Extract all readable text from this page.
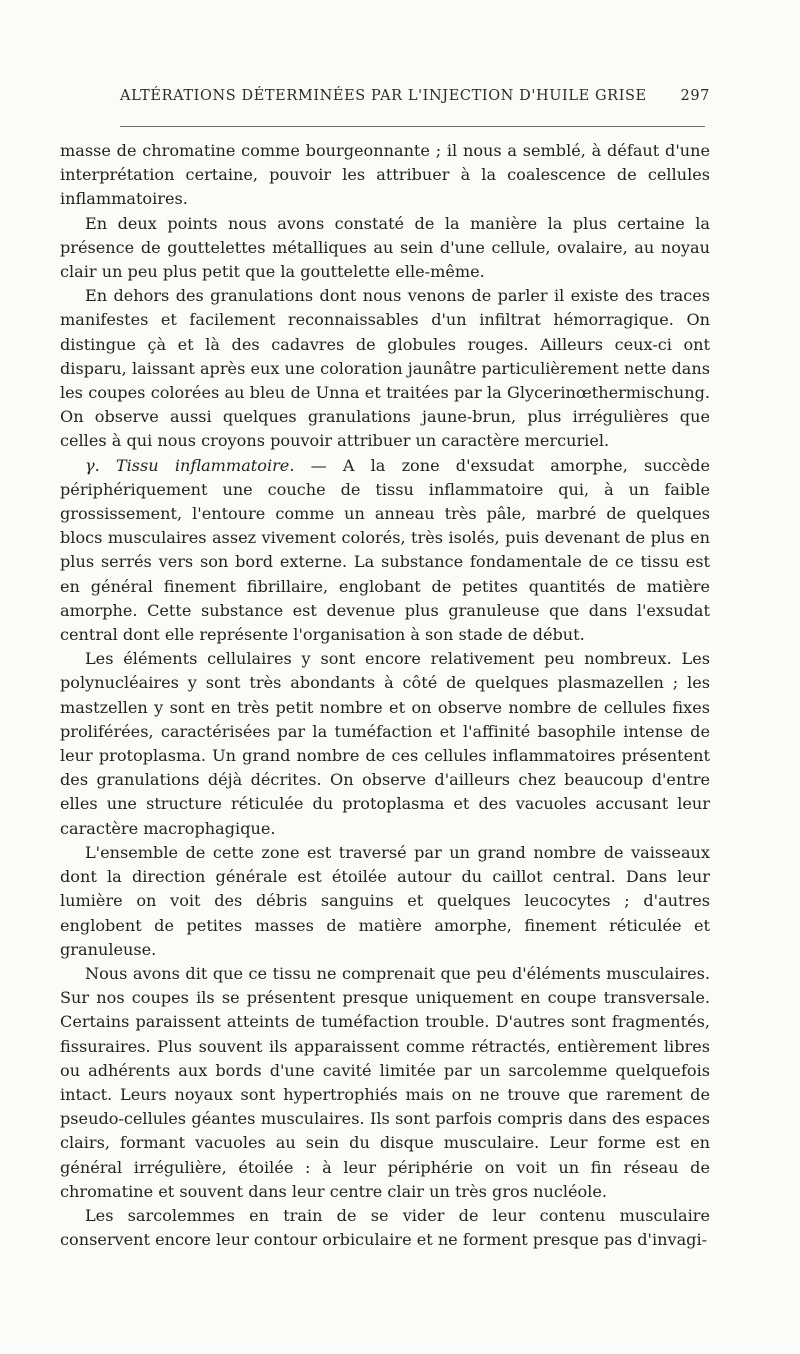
ALTÉRATIONS DÉTERMINÉES PAR L'INJECTION D'HUILE GRISE 297

masse de chromatine comme bourgeonnante ; il nous a semblé, à défaut d'une interprétation certaine, pouvoir les attribuer à la coalescence de cellules inflammatoires.

En deux points nous avons constaté de la manière la plus certaine la présence de gouttelettes métalliques au sein d'une cellule, ovalaire, au noyau clair un peu plus petit que la gouttelette elle-même.

En dehors des granulations dont nous venons de parler il existe des traces manifestes et facilement reconnaissables d'un infiltrat hémorragique. On distingue çà et là des cadavres de globules rouges. Ailleurs ceux-ci ont disparu, laissant après eux une coloration jaunâtre particulièrement nette dans les coupes colorées au bleu de Unna et traitées par la Glycerinœthermischung. On observe aussi quelques granulations jaune-brun, plus irrégulières que celles à qui nous croyons pouvoir attribuer un caractère mercuriel.

γ. Tissu inflammatoire. — A la zone d'exsudat amorphe, succède périphériquement une couche de tissu inflammatoire qui, à un faible grossissement, l'entoure comme un anneau très pâle, marbré de quelques blocs musculaires assez vivement colorés, très isolés, puis devenant de plus en plus serrés vers son bord externe. La substance fondamentale de ce tissu est en général finement fibrillaire, englobant de petites quantités de matière amorphe. Cette substance est devenue plus granuleuse que dans l'exsudat central dont elle représente l'organisation à son stade de début.

Les éléments cellulaires y sont encore relativement peu nombreux. Les polynucléaires y sont très abondants à côté de quelques plasmazellen ; les mastzellen y sont en très petit nombre et on observe nombre de cellules fixes proliférées, caractérisées par la tuméfaction et l'affinité basophile intense de leur protoplasma. Un grand nombre de ces cellules inflammatoires présentent des granulations déjà décrites. On observe d'ailleurs chez beaucoup d'entre elles une structure réticulée du protoplasma et des vacuoles accusant leur caractère macrophagique.

L'ensemble de cette zone est traversé par un grand nombre de vaisseaux dont la direction générale est étoilée autour du caillot central. Dans leur lumière on voit des débris sanguins et quelques leucocytes ; d'autres englobent de petites masses de matière amorphe, finement réticulée et granuleuse.

Nous avons dit que ce tissu ne comprenait que peu d'éléments musculaires. Sur nos coupes ils se présentent presque uniquement en coupe transversale. Certains paraissent atteints de tuméfaction trouble. D'autres sont fragmentés, fissuraires. Plus souvent ils apparaissent comme rétractés, entièrement libres ou adhérents aux bords d'une cavité limitée par un sarcolemme quelquefois intact. Leurs noyaux sont hypertrophiés mais on ne trouve que rarement de pseudo-cellules géantes musculaires. Ils sont parfois compris dans des espaces clairs, formant vacuoles au sein du disque musculaire. Leur forme est en général irrégulière, étoilée : à leur périphérie on voit un fin réseau de chromatine et souvent dans leur centre clair un très gros nucléole.

Les sarcolemmes en train de se vider de leur contenu musculaire conservent encore leur contour orbiculaire et ne forment presque pas d'invagi-
